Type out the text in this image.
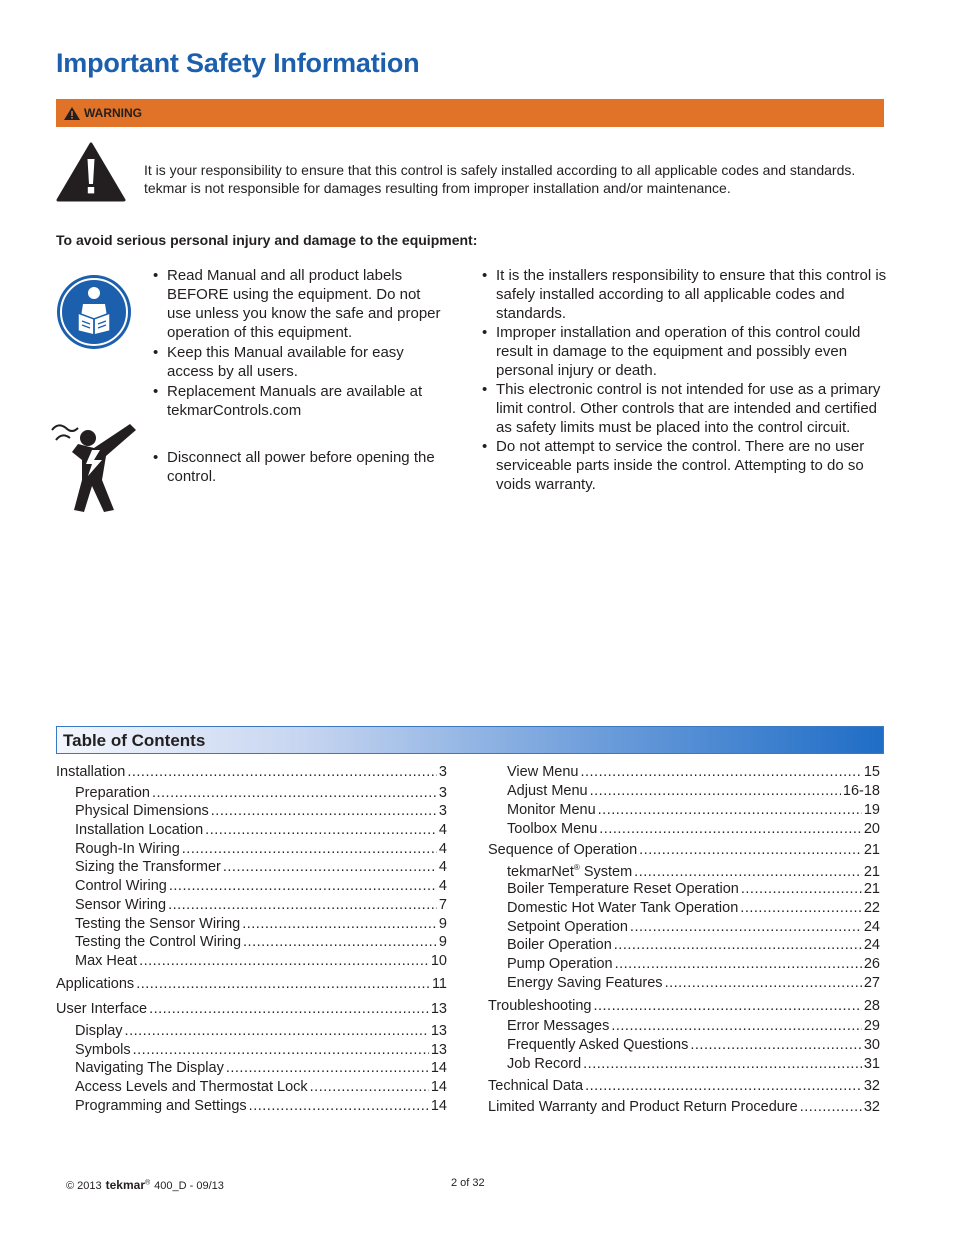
Important Safety Information
WARNING
It is your responsibility to ensure that this control is safely installed according to all applicable codes and standards. tekmar is not responsible for damages resulting from improper installation and/or maintenance.
To avoid serious personal injury and damage to the equipment:
• Read Manual and all product labels BEFORE using the equipment. Do not use unless you know the safe and proper operation of this equipment.
• Keep this Manual available for easy access by all users.
• Replacement Manuals are available at tekmarControls.com
• Disconnect all power before opening the control.
• It is the installers responsibility to ensure that this control is safely installed according to all applicable codes and standards.
• Improper installation and operation of this control could result in damage to the equipment and possibly even personal injury or death.
• This electronic control is not intended for use as a primary limit control. Other controls that are intended and certified as safety limits must be placed into the control circuit.
• Do not attempt to service the control. There are no user serviceable parts inside the control. Attempting to do so voids warranty.
Table of Contents
Installation .....	3
Preparation .....	3
Physical Dimensions .....	3
Installation Location .....	4
Rough-In Wiring .....	4
Sizing the Transformer .....	4
Control Wiring .....	4
Sensor Wiring .....	7
Testing the Sensor Wiring .....	9
Testing the Control Wiring .....	9
Max Heat .....	10
Applications .....	11
User Interface .....	13
Display .....	13
Symbols .....	13
Navigating The Display .....	14
Access Levels and Thermostat Lock .....	14
Programming and Settings .....	14
View Menu .....	15
Adjust Menu .....	16-18
Monitor Menu .....	19
Toolbox Menu .....	20
Sequence of Operation .....	21
tekmarNet® System .....	21
Boiler Temperature Reset Operation .....	21
Domestic Hot Water Tank Operation .....	22
Setpoint Operation .....	24
Boiler Operation .....	24
Pump Operation .....	26
Energy Saving Features .....	27
Troubleshooting .....	28
Error Messages .....	29
Frequently Asked Questions .....	30
Job Record .....	31
Technical Data .....	32
Limited Warranty and Product Return Procedure .....	32
© 2013 tekmar® 400_D - 09/13	2 of 32
